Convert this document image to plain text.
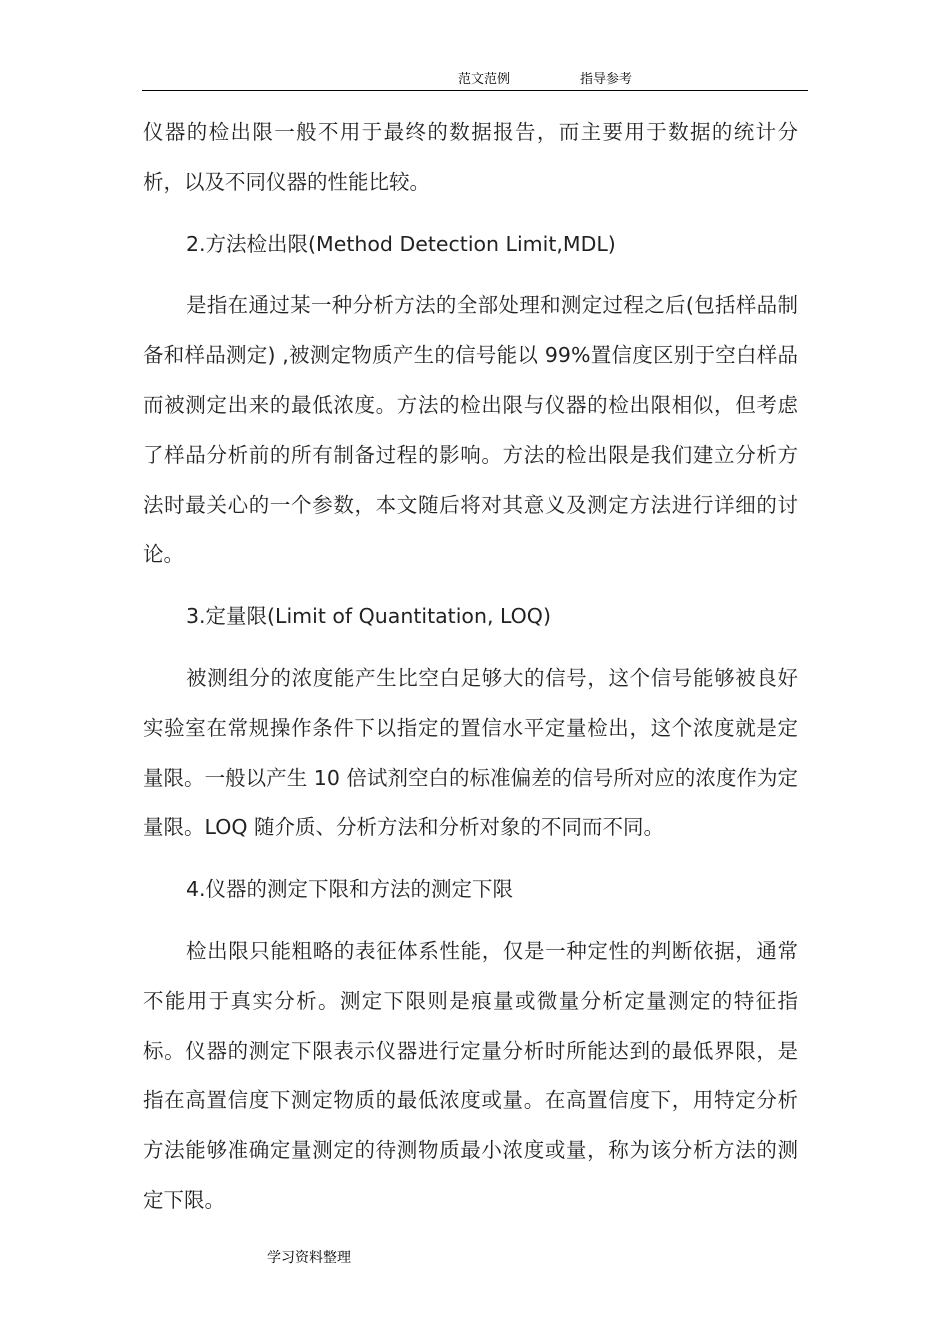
范文范例	指导参考

仪器的检出限一般不用于最终的数据报告，而主要用于数据的统计分析，以及不同仪器的性能比较。

2.方法检出限(Method Detection Limit,MDL)

是指在通过某一种分析方法的全部处理和测定过程之后(包括样品制备和样品测定) ,被测定物质产生的信号能以 99%置信度区别于空白样品而被测定出来的最低浓度。方法的检出限与仪器的检出限相似，但考虑了样品分析前的所有制备过程的影响。方法的检出限是我们建立分析方法时最关心的一个参数，本文随后将对其意义及测定方法进行详细的讨论。

3.定量限(Limit of Quantitation, LOQ)

被测组分的浓度能产生比空白足够大的信号，这个信号能够被良好实验室在常规操作条件下以指定的置信水平定量检出，这个浓度就是定量限。一般以产生 10 倍试剂空白的标准偏差的信号所对应的浓度作为定量限。LOQ 随介质、分析方法和分析对象的不同而不同。

4.仪器的测定下限和方法的测定下限

检出限只能粗略的表征体系性能，仅是一种定性的判断依据，通常不能用于真实分析。测定下限则是痕量或微量分析定量测定的特征指标。仪器的测定下限表示仪器进行定量分析时所能达到的最低界限，是指在高置信度下测定物质的最低浓度或量。在高置信度下，用特定分析方法能够准确定量测定的待测物质最小浓度或量，称为该分析方法的测定下限。

学习资料整理
